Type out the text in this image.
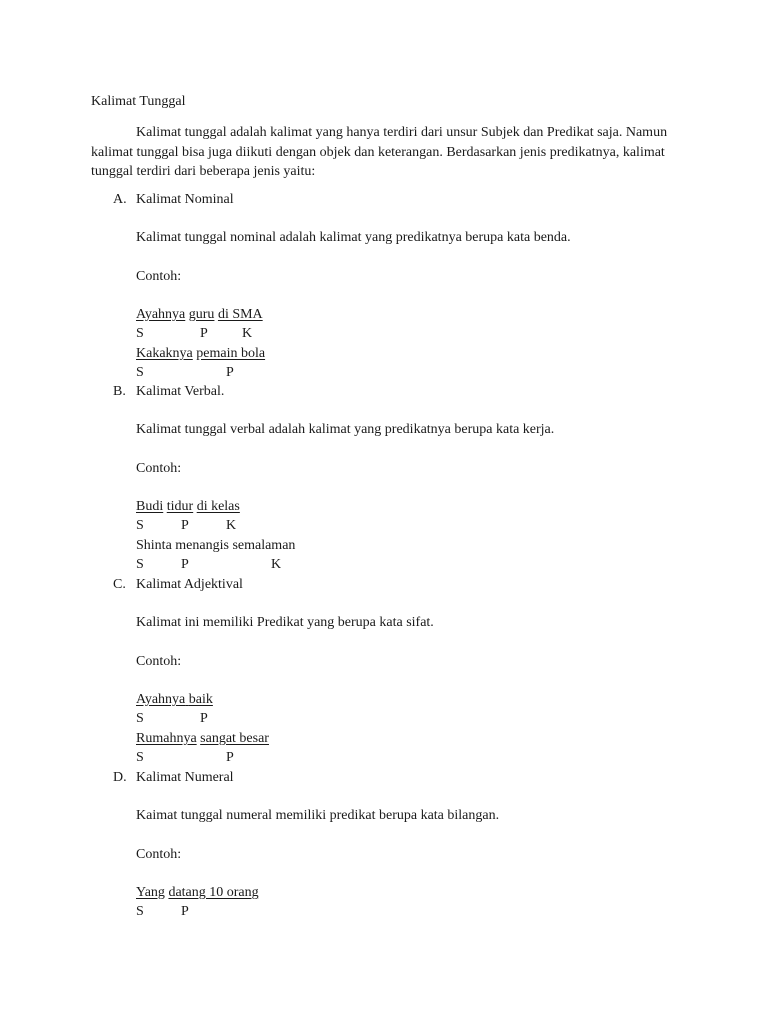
Kalimat Tunggal

Kalimat tunggal adalah kalimat yang hanya terdiri dari unsur Subjek dan Predikat saja. Namun kalimat tunggal bisa juga diikuti dengan objek dan keterangan. Berdasarkan jenis predikatnya, kalimat tunggal terdiri dari beberapa jenis yaitu:

A. Kalimat Nominal
Kalimat tunggal nominal adalah kalimat yang predikatnya berupa kata benda.
Contoh:
Ayahnya guru di SMA
S	P K
Kakaknya pemain bola
S	P
B. Kalimat Verbal.
Kalimat tunggal verbal adalah kalimat yang predikatnya berupa kata kerja.
Contoh:
Budi tidur di kelas
S	P	K
Shinta menangis semalaman
S	P	K
C. Kalimat Adjektival
Kalimat ini memiliki Predikat yang berupa kata sifat.
Contoh:
Ayahnya baik
S	P
Rumahnya sangat besar
S	P
D. Kalimat Numeral
Kaimat tunggal numeral memiliki predikat berupa kata bilangan.
Contoh:
Yang datang 10 orang
S	P
